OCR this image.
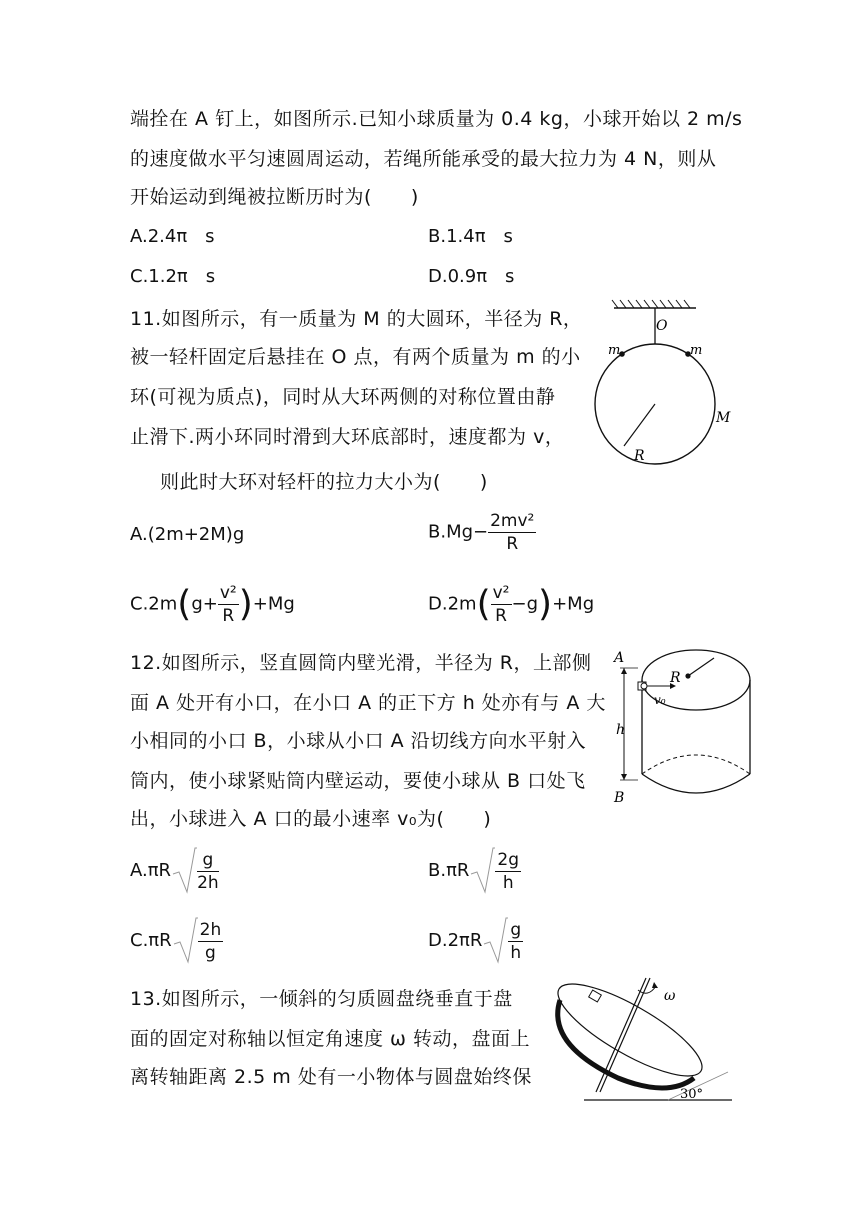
端拴在 A 钉上，如图所示.已知小球质量为 0.4 kg，小球开始以 2 m/s
的速度做水平匀速圆周运动，若绳所能承受的最大拉力为 4 N，则从
开始运动到绳被拉断历时为(　　)
A.2.4π　s	B.1.4π　s
C.1.2π　s	D.0.9π　s
11.如图所示，有一质量为 M 的大圆环，半径为 R，
被一轻杆固定后悬挂在 O 点，有两个质量为 m 的小
环(可视为质点)，同时从大环两侧的对称位置由静
止滑下.两小环同时滑到大环底部时，速度都为 v，
则此时大环对轻杆的拉力大小为(　　)
O
m	m
R
M
A.(2m+2M)g	$B.Mg- \frac{\text{2mv²}}{R}$
$C.2m(g+ \frac{\text{v²}}{R} )+Mg$	$D.2m( \frac{\text{v²}}{R} -g)+Mg$
12.如图所示，竖直圆筒内壁光滑，半径为 R，上部侧
面 A 处开有小口，在小口 A 的正下方 h 处亦有与 A 大
小相同的小口 B，小球从小口 A 沿切线方向水平射入
筒内，使小球紧贴筒内壁运动，要使小球从 B 口处飞
出，小球进入 A 口的最小速率 v₀为(　　)
A
B
R
h
v₀
$A.\pi R \frac{g}{2h}$	$B.\pi R \frac{2g}{h}$
$C.\pi R \frac{2h}{g}$	$D.2\pi R \frac{g}{h}$
13.如图所示，一倾斜的匀质圆盘绕垂直于盘
面的固定对称轴以恒定角速度 ω 转动，盘面上
离转轴距离 2.5 m 处有一小物体与圆盘始终保
ω
30°
